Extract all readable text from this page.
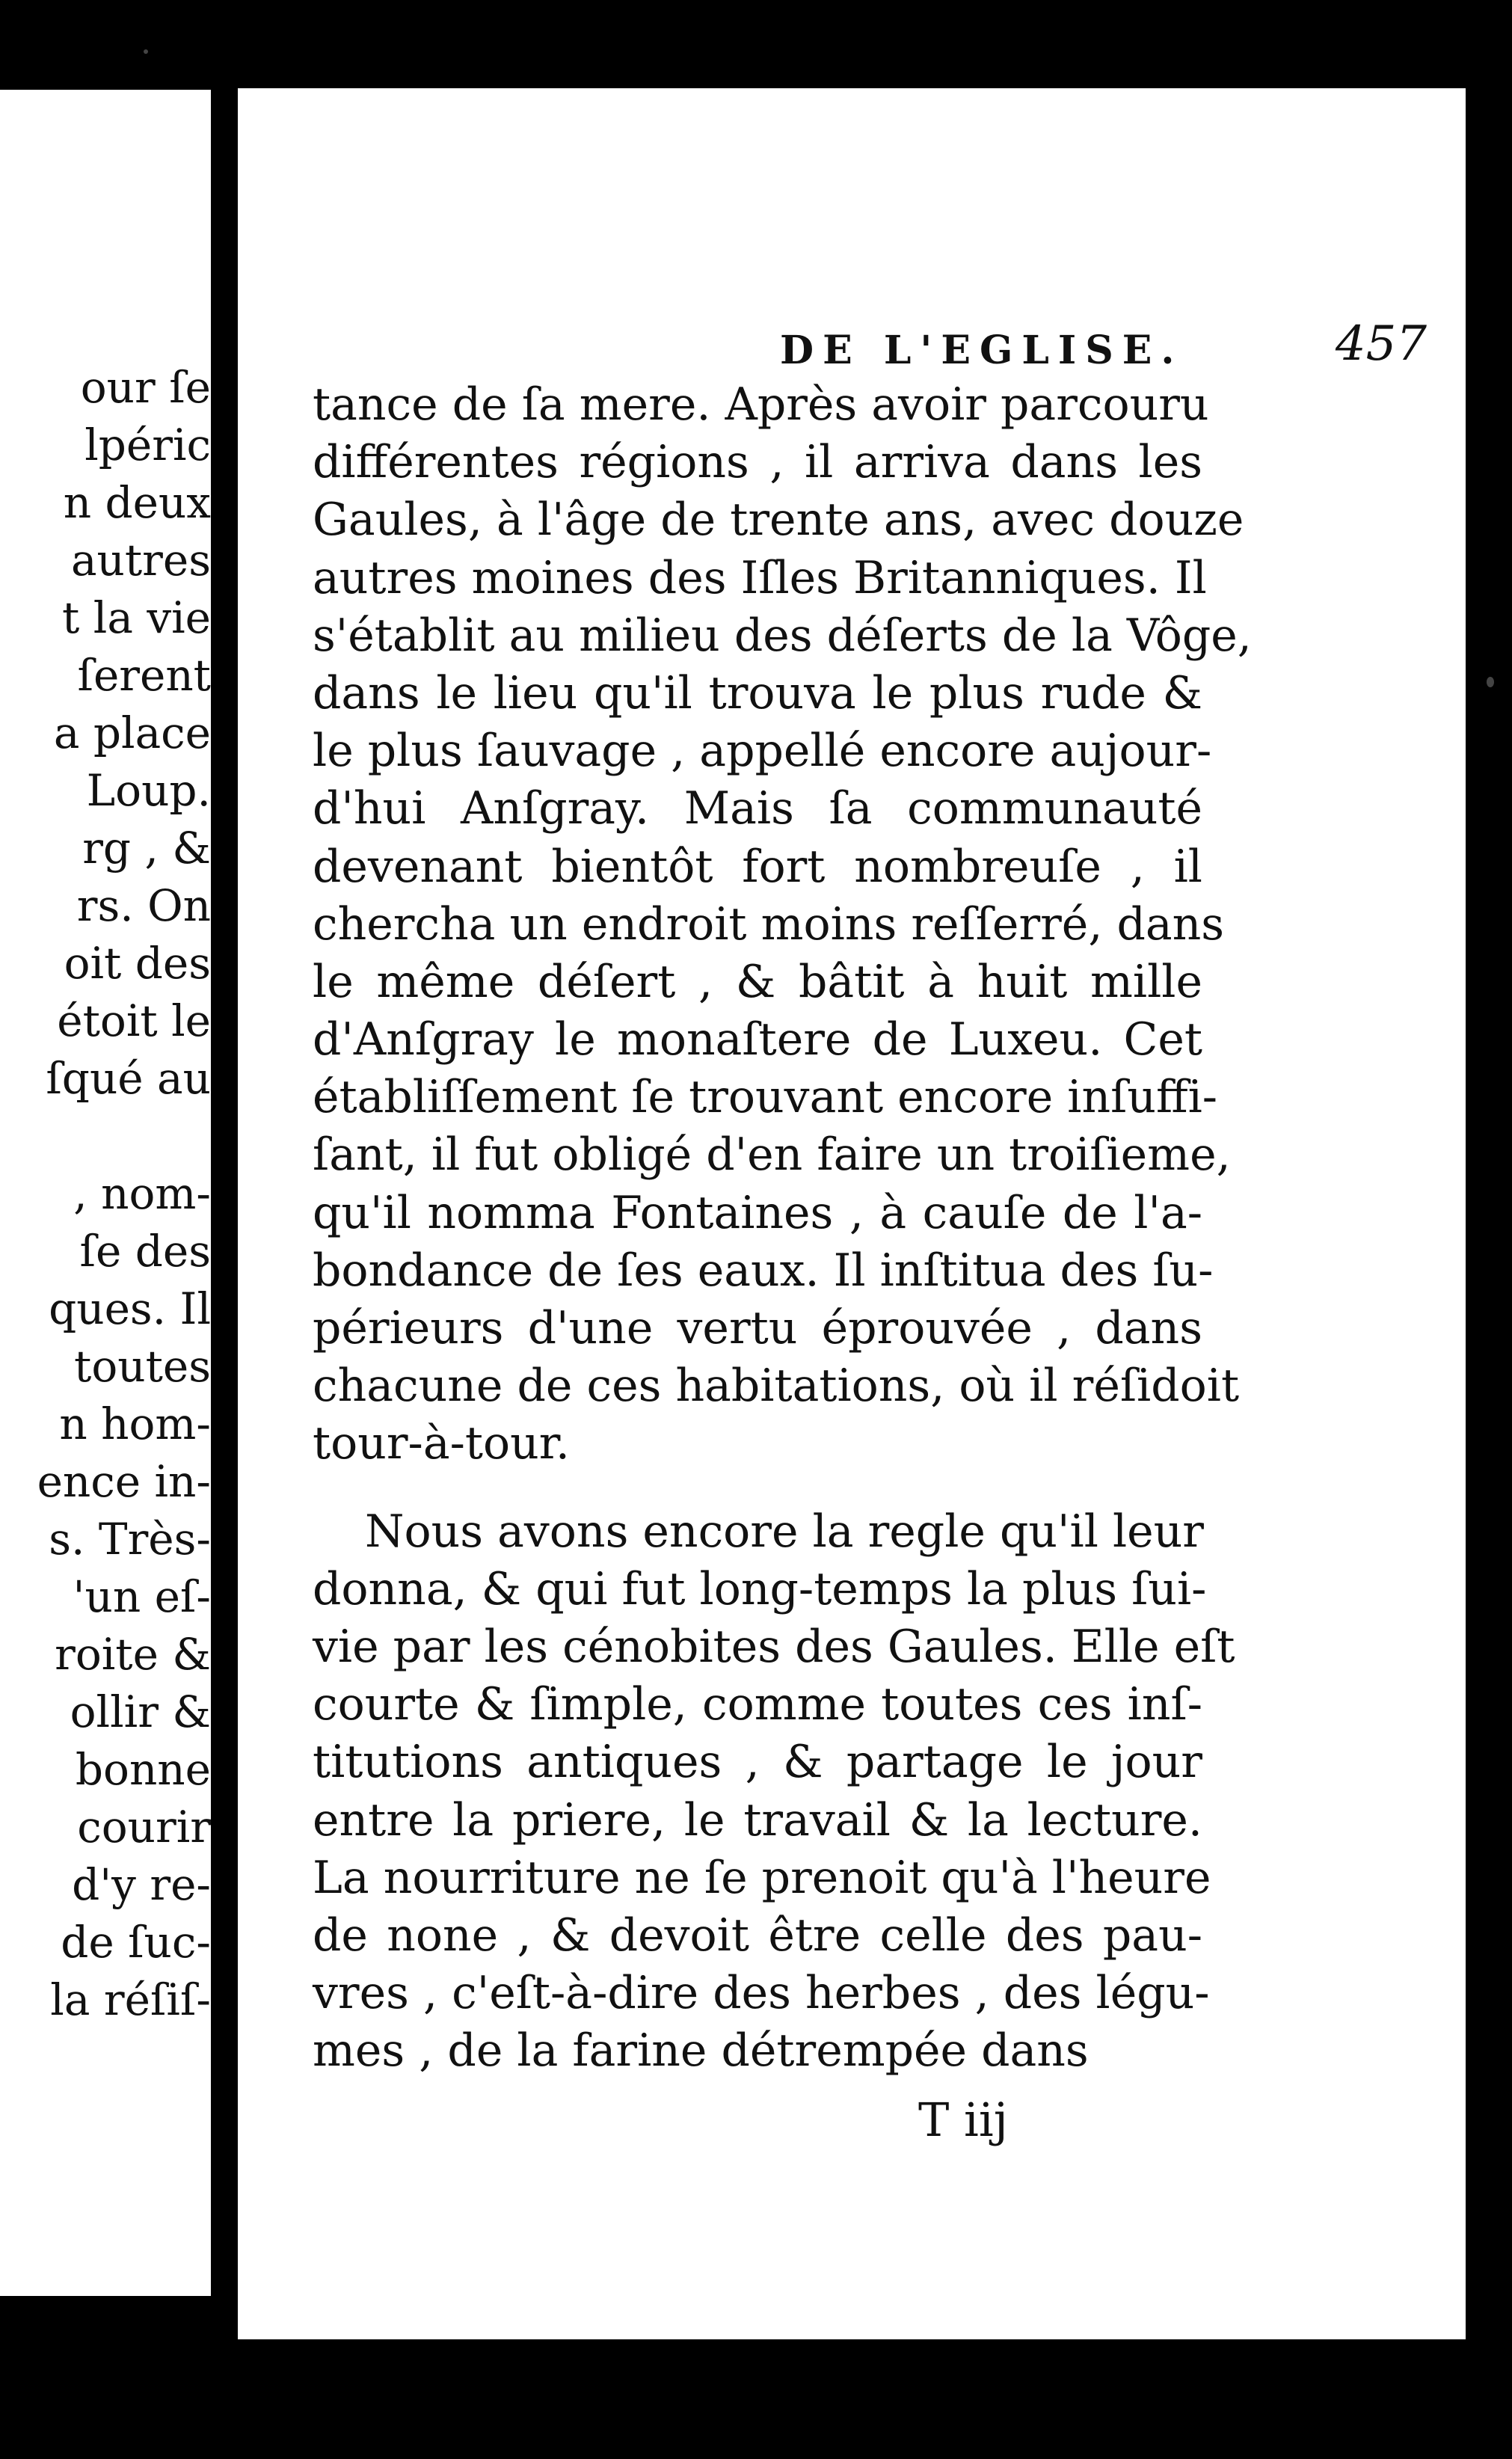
our ſe
lpéric
n deux
autres
t la vie
ſerent
a place
Loup.
rg , &
rs. On
oit des
étoit le
ſqué au
, nom-
ſe des
ques. Il
toutes
n hom-
ence in-
s. Très-
'un eſ-
roite &
ollir &
bonne
courir
d'y re-
de ſuc-
la réſiſ-
DE L'EGLISE.	457
tance de ſa mere. Après avoir parcouru
différentes régions , il arriva dans les
Gaules, à l'âge de trente ans, avec douze
autres moines des Iſles Britanniques. Il
s'établit au milieu des déſerts de la Vôge,
dans le lieu qu'il trouva le plus rude &
le plus ſauvage , appellé encore aujour-
d'hui Anſgray. Mais ſa communauté
devenant bientôt fort nombreuſe , il
chercha un endroit moins reſſerré, dans
le même déſert , & bâtit à huit mille
d'Anſgray le monaſtere de Luxeu. Cet
établiſſement ſe trouvant encore inſuffi-
ſant, il fut obligé d'en faire un troiſieme,
qu'il nomma Fontaines , à cauſe de l'a-
bondance de ſes eaux. Il inſtitua des ſu-
périeurs d'une vertu éprouvée , dans
chacune de ces habitations, où il réſidoit
tour-à-tour.
Nous avons encore la regle qu'il leur
donna, & qui fut long-temps la plus ſui-
vie par les cénobites des Gaules. Elle eſt
courte & ſimple, comme toutes ces inſ-
titutions antiques , & partage le jour
entre la priere, le travail & la lecture.
La nourriture ne ſe prenoit qu'à l'heure
de none , & devoit être celle des pau-
vres , c'eſt-à-dire des herbes , des légu-
mes , de la farine détrempée dans
T iij
